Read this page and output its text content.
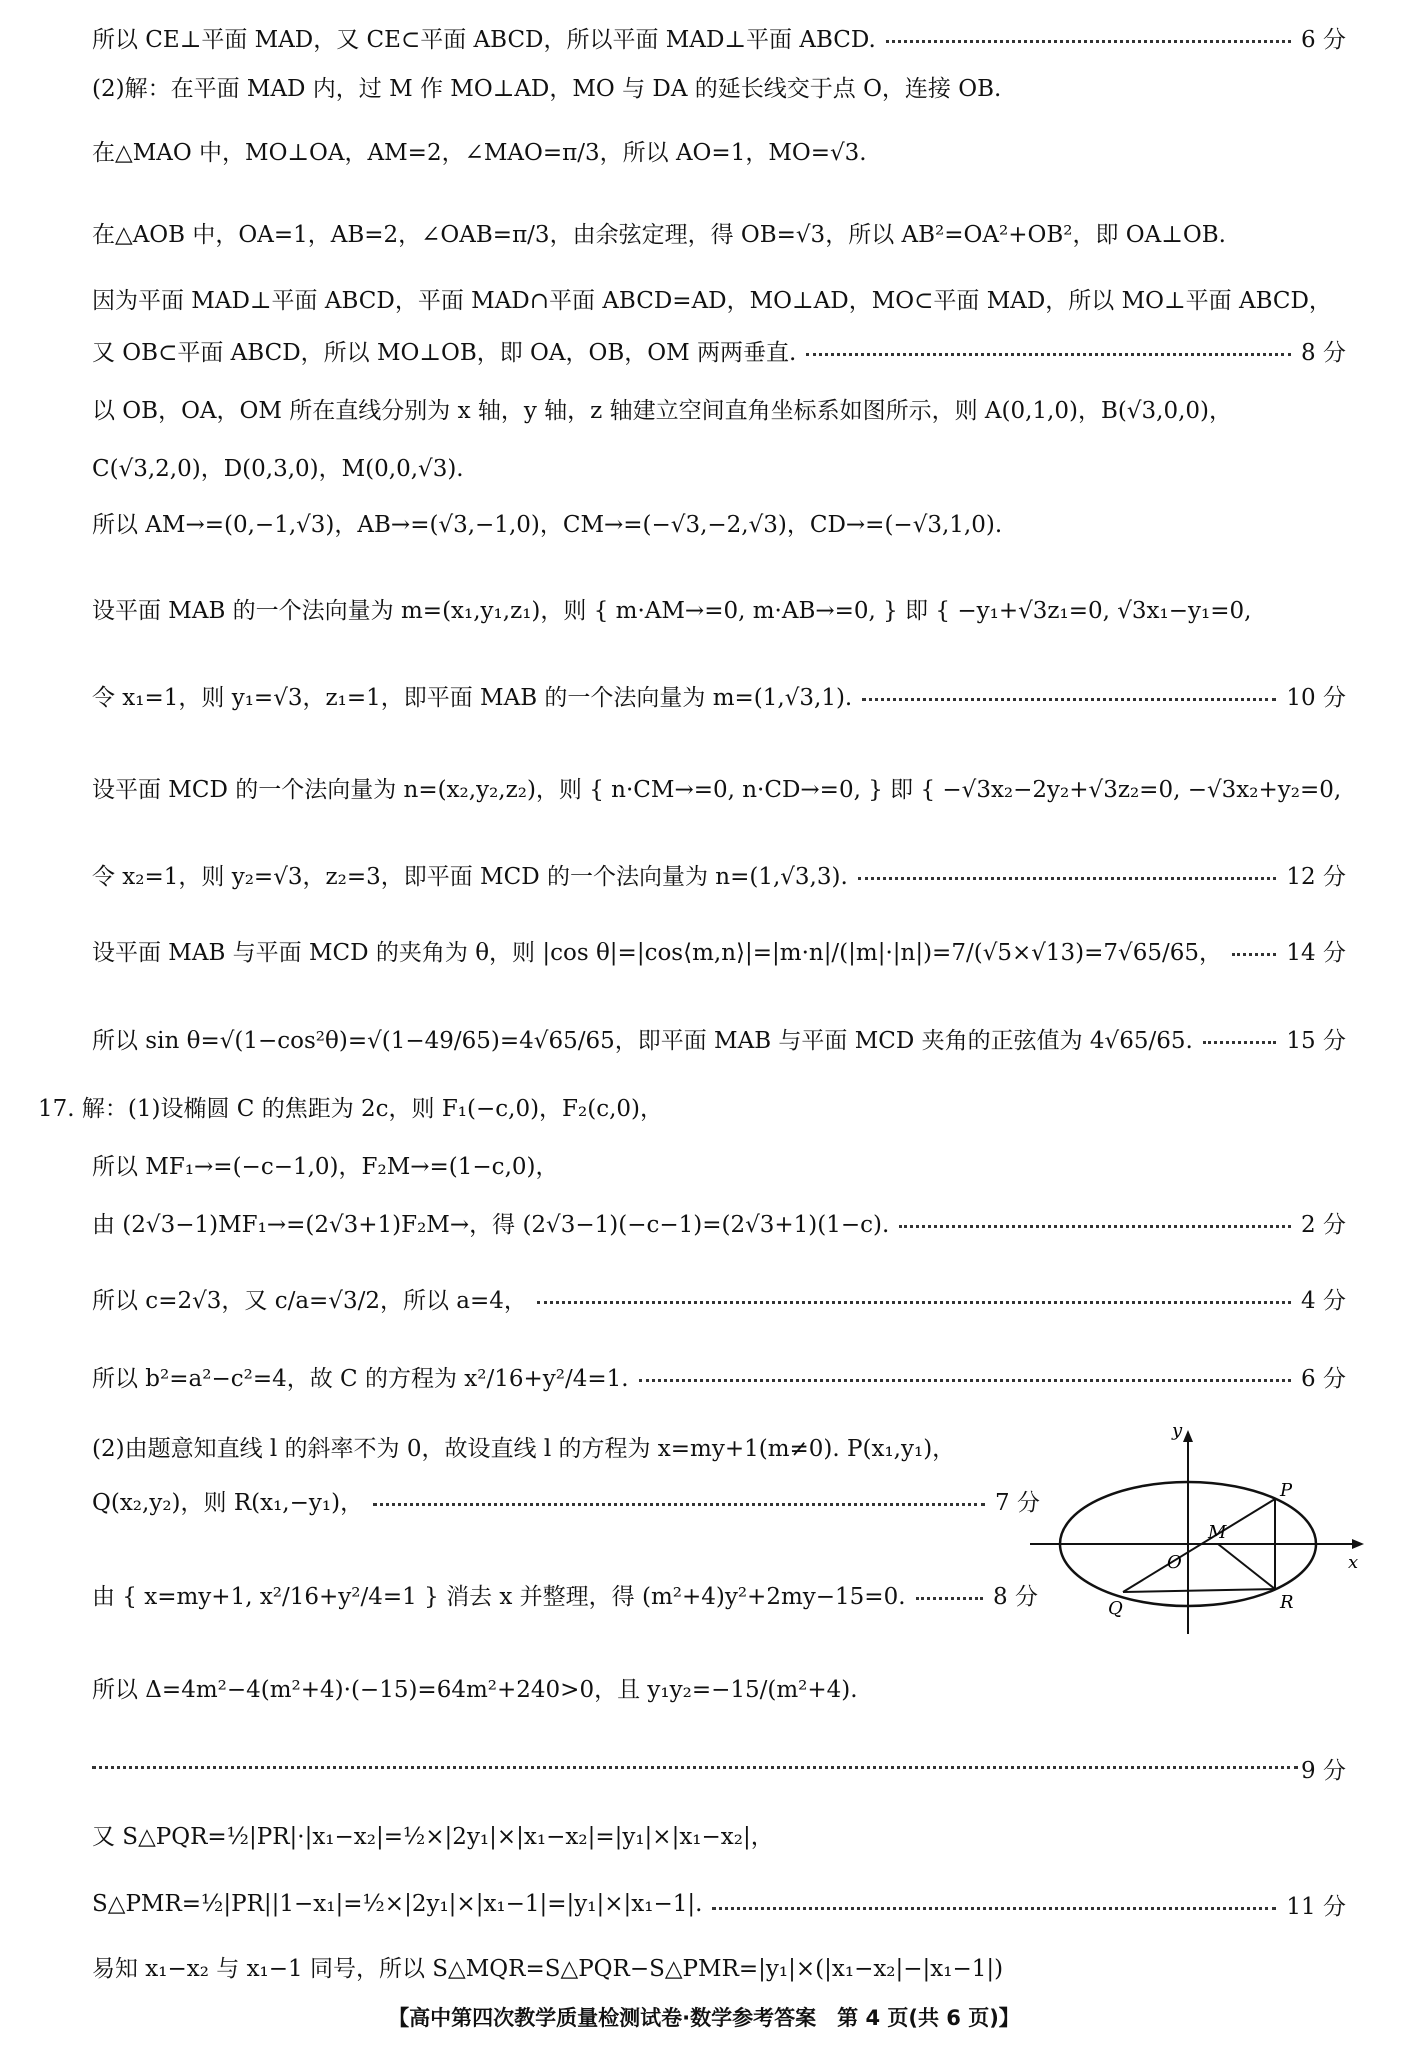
所以 CE⊥平面 MAD，又 CE⊂平面 ABCD，所以平面 MAD⊥平面 ABCD.	6 分
(2)解：在平面 MAD 内，过 M 作 MO⊥AD，MO 与 DA 的延长线交于点 O，连接 OB.
在△MAO 中，MO⊥OA，AM=2，∠MAO=π/3，所以 AO=1，MO=√3.
在△AOB 中，OA=1，AB=2，∠OAB=π/3，由余弦定理，得 OB=√3，所以 AB²=OA²+OB²，即 OA⊥OB.
因为平面 MAD⊥平面 ABCD，平面 MAD∩平面 ABCD=AD，MO⊥AD，MO⊂平面 MAD，所以 MO⊥平面 ABCD，
又 OB⊂平面 ABCD，所以 MO⊥OB，即 OA，OB，OM 两两垂直.	8 分
以 OB，OA，OM 所在直线分别为 x 轴，y 轴，z 轴建立空间直角坐标系如图所示，则 A(0,1,0)，B(√3,0,0)，
C(√3,2,0)，D(0,3,0)，M(0,0,√3).
所以 AM→=(0,−1,√3)，AB→=(√3,−1,0)，CM→=(−√3,−2,√3)，CD→=(−√3,1,0).
设平面 MAB 的一个法向量为 m=(x₁,y₁,z₁)，则 { m·AM→=0, m·AB→=0, } 即 { −y₁+√3z₁=0, √3x₁−y₁=0,
令 x₁=1，则 y₁=√3，z₁=1，即平面 MAB 的一个法向量为 m=(1,√3,1).	10 分
设平面 MCD 的一个法向量为 n=(x₂,y₂,z₂)，则 { n·CM→=0, n·CD→=0, } 即 { −√3x₂−2y₂+√3z₂=0, −√3x₂+y₂=0,
令 x₂=1，则 y₂=√3，z₂=3，即平面 MCD 的一个法向量为 n=(1,√3,3).	12 分
设平面 MAB 与平面 MCD 的夹角为 θ，则 |cos θ|=|cos⟨m,n⟩|=|m·n|/(|m|·|n|)=7/(√5×√13)=7√65/65，	14 分
所以 sin θ=√(1−cos²θ)=√(1−49/65)=4√65/65，即平面 MAB 与平面 MCD 夹角的正弦值为 4√65/65.	15 分
17. 解：(1)设椭圆 C 的焦距为 2c，则 F₁(−c,0)，F₂(c,0)，
所以 MF₁→=(−c−1,0)，F₂M→=(1−c,0)，
由 (2√3−1)MF₁→=(2√3+1)F₂M→，得 (2√3−1)(−c−1)=(2√3+1)(1−c).	2 分
所以 c=2√3，又 c/a=√3/2，所以 a=4，	4 分
所以 b²=a²−c²=4，故 C 的方程为 x²/16+y²/4=1.	6 分
(2)由题意知直线 l 的斜率不为 0，故设直线 l 的方程为 x=my+1(m≠0). P(x₁,y₁)，
Q(x₂,y₂)，则 R(x₁,−y₁)，	7 分
由 { x=my+1, x²/16+y²/4=1 } 消去 x 并整理，得 (m²+4)y²+2my−15=0.	8 分
y
x
O
M
P
Q	R
所以 Δ=4m²−4(m²+4)·(−15)=64m²+240>0，且 y₁y₂=−15/(m²+4).
9 分
又 S△PQR=½|PR|·|x₁−x₂|=½×|2y₁|×|x₁−x₂|=|y₁|×|x₁−x₂|，
S△PMR=½|PR||1−x₁|=½×|2y₁|×|x₁−1|=|y₁|×|x₁−1|.	11 分
易知 x₁−x₂ 与 x₁−1 同号，所以 S△MQR=S△PQR−S△PMR=|y₁|×(|x₁−x₂|−|x₁−1|)
【高中第四次教学质量检测试卷·数学参考答案　第 4 页(共 6 页)】
